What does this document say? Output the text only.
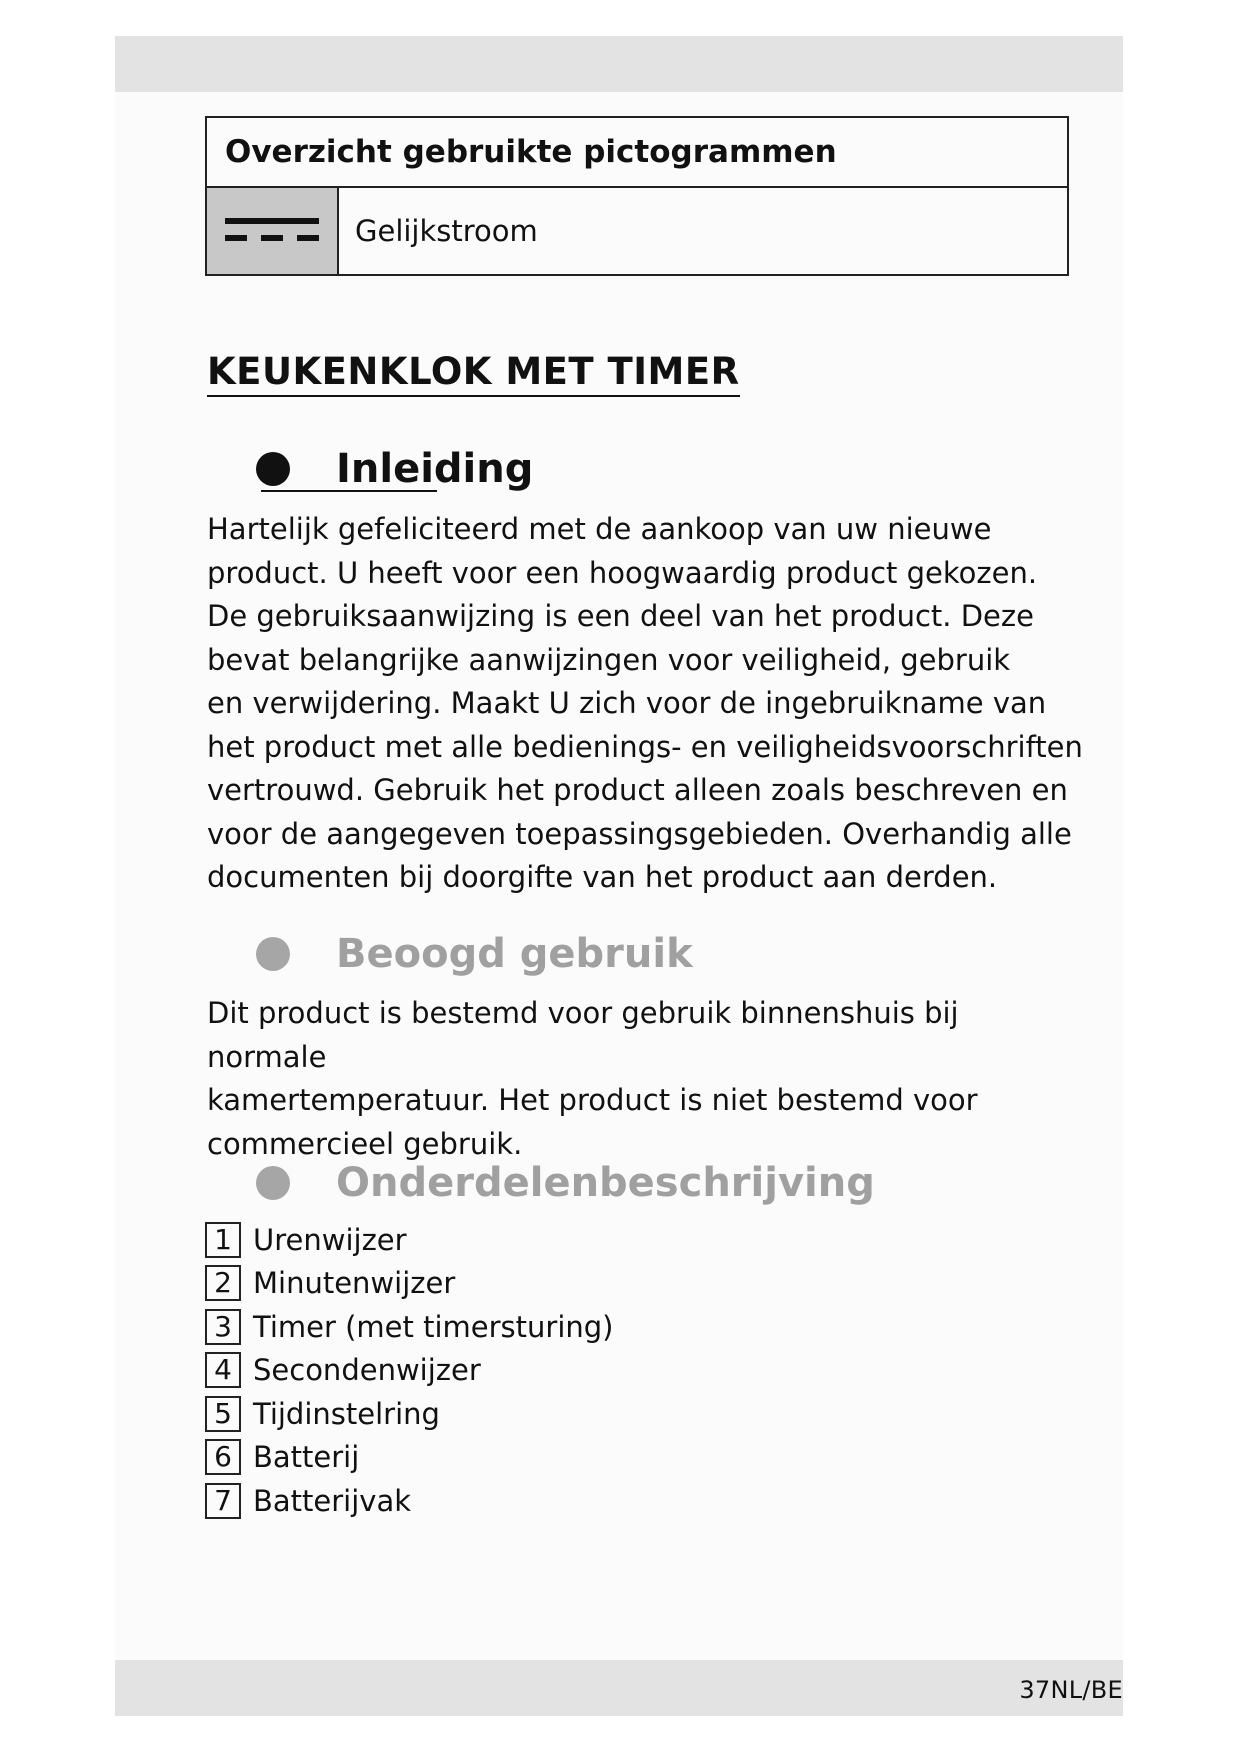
Overzicht gebruikte pictogrammen
Gelijkstroom
KEUKENKLOK MET TIMER
Inleiding

Hartelijk gefeliciteerd met de aankoop van uw nieuwe
product. U heeft voor een hoogwaardig product gekozen.
De gebruiksaanwijzing is een deel van het product. Deze
bevat belangrijke aanwijzingen voor veiligheid, gebruik
en verwijdering. Maakt U zich voor de ingebruikname van
het product met alle bedienings- en veiligheidsvoorschriften
vertrouwd. Gebruik het product alleen zoals beschreven en
voor de aangegeven toepassingsgebieden. Overhandig alle
documenten bij doorgifte van het product aan derden.

Beoogd gebruik

Dit product is bestemd voor gebruik binnenshuis bij normale
kamertemperatuur. Het product is niet bestemd voor
commercieel gebruik.

Onderdelenbeschrijving
1 Urenwijzer
2 Minutenwijzer
3 Timer (met timersturing)
4 Secondenwijzer
5 Tijdinstelring
6 Batterij
7 Batterijvak
37NL/BE
